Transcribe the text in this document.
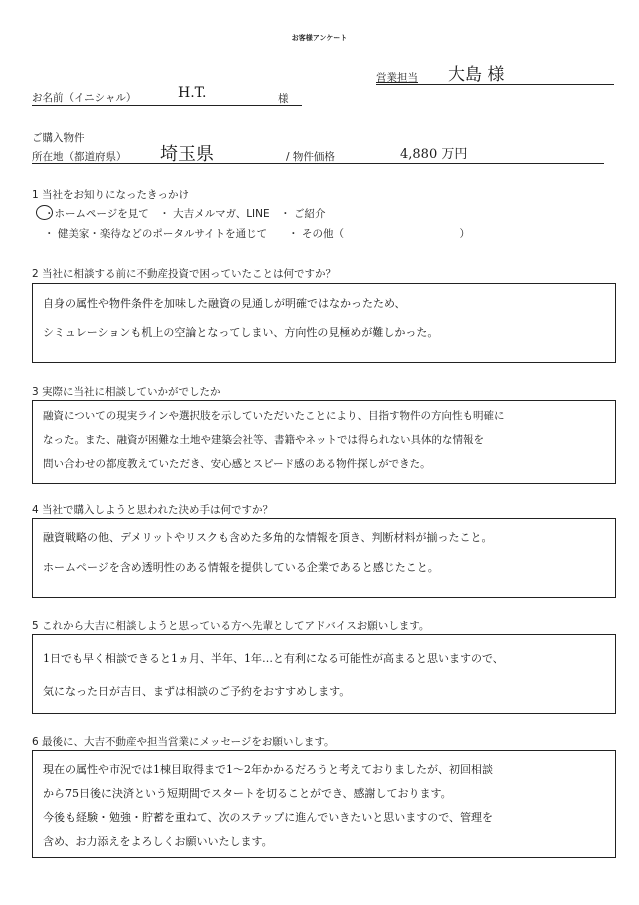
お客様アンケート
営業担当 大島 様
お名前（イニシャル）	H.T.	様
ご購入物件
所在地（都道府県） 埼玉県	/ 物件価格	4,880 万円
1 当社をお知りになったきっかけ
・ホームページを見て　・ 大吉メルマガ、LINE　・ ご紹介
・ 健美家・楽待などのポータルサイトを通じて　　・ その他（　　　　　　　　　　　）
2 当社に相談する前に不動産投資で困っていたことは何ですか？
自身の属性や物件条件を加味した融資の見通しが明確ではなかったため、
シミュレーションも机上の空論となってしまい、方向性の見極めが難しかった。
3 実際に当社に相談していかがでしたか
融資についての現実ラインや選択肢を示していただいたことにより、目指す物件の方向性も明確に
なった。また、融資が困難な土地や建築会社等、書籍やネットでは得られない具体的な情報を
問い合わせの都度教えていただき、安心感とスピード感のある物件探しができた。
4 当社で購入しようと思われた決め手は何ですか？
融資戦略の他、デメリットやリスクも含めた多角的な情報を頂き、判断材料が揃ったこと。
ホームページを含め透明性のある情報を提供している企業であると感じたこと。
5 これから大吉に相談しようと思っている方へ先輩としてアドバイスお願いします。
1日でも早く相談できると1ヵ月、半年、1年…と有利になる可能性が高まると思いますので、
気になった日が吉日、まずは相談のご予約をおすすめします。
6 最後に、大吉不動産や担当営業にメッセージをお願いします。
現在の属性や市況では1棟目取得まで1〜2年かかるだろうと考えておりましたが、初回相談
から75日後に決済という短期間でスタートを切ることができ、感謝しております。
今後も経験・勉強・貯蓄を重ねて、次のステップに進んでいきたいと思いますので、管理を
含め、お力添えをよろしくお願いいたします。
